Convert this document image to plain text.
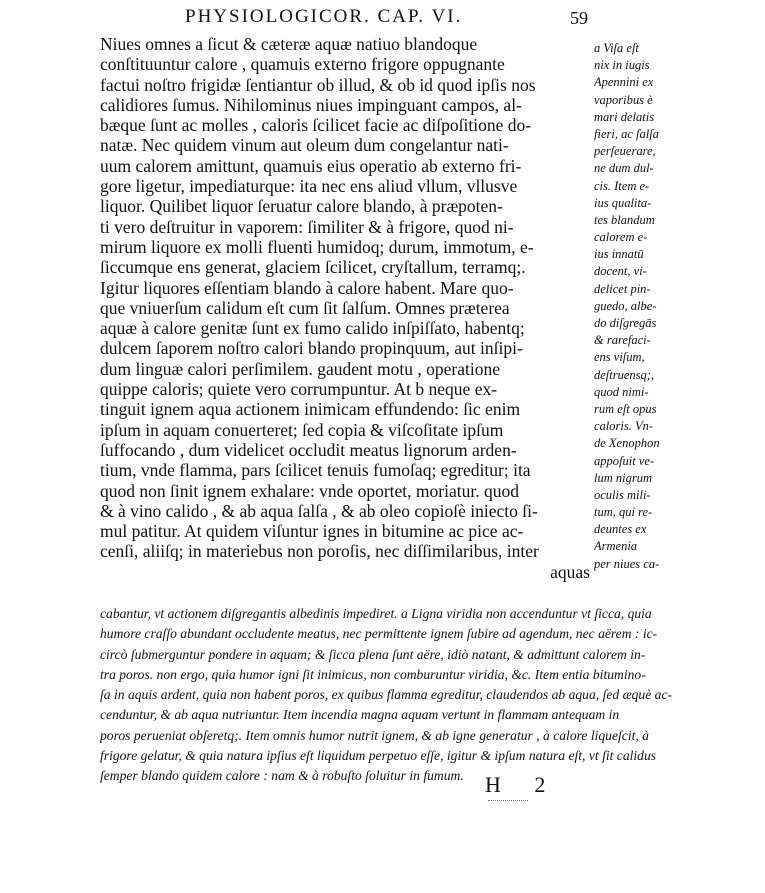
PHYSIOLOGICOR. CAP. VI.	59
Niues omnes a ſicut & cæteræ aquæ natiuo blandoque
conſtituuntur calore , quamuis externo frigore oppugnante
factui noſtro frigidæ ſentiantur ob illud, & ob id quod ipſis nos
calidiores ſumus. Nihilominus niues impinguant campos, al-
bæque ſunt ac molles , caloris ſcilicet facie ac diſpoſitione do-
natæ. Nec quidem vinum aut oleum dum congelantur nati-
uum calorem amittunt, quamuis eius operatio ab externo fri-
gore ligetur, impediaturque: ita nec ens aliud vllum, vllusve
liquor. Quilibet liquor ſeruatur calore blando, à præpoten-
ti vero deſtruitur in vaporem: ſimiliter & à frigore, quod ni-
mirum liquore ex molli fluenti humidoq; durum, immotum, e-
ſiccumque ens generat, glaciem ſcilicet, cryſtallum, terramq;.
Igitur liquores eſſentiam blando à calore habent. Mare quo-
que vniuerſum calidum eſt cum ſit ſalſum. Omnes præterea
aquæ à calore genitæ ſunt ex fumo calido inſpiſſato, habentq;
dulcem ſaporem noſtro calori blando propinquum, aut inſipi-
dum linguæ calori perſimilem. gaudent motu , operatione
quippe caloris; quiete vero corrumpuntur. At b neque ex-
tinguit ignem aqua actionem inimicam effundendo: ſic enim
ipſum in aquam conuerteret; ſed copia & viſcoſitate ipſum
ſuffocando , dum videlicet occludit meatus lignorum arden-
tium, vnde flamma, pars ſcilicet tenuis fumoſaq; egreditur; ita
quod non ſinit ignem exhalare: vnde oportet, moriatur. quod
& à vino calido , & ab aqua ſalſa , & ab oleo copioſè iniecto ſi-
mul patitur. At quidem viſuntur ignes in bitumine ac pice ac-
cenſi, aliiſq; in materiebus non poroſis, nec diſſimilaribus, inter
aquas
a Viſa eſt
nix in iugis
Apennini ex
vaporibus è
mari delatis
fieri, ac ſalſa
perſeuerare,
ne dum dul-
cis. Item e-
ius qualita-
tes blandum
calorem e-
ius innatū
docent, vi-
delicet pin-
guedo, albe-
do diſgregās
& rarefaci-
ens viſum,
deſtruensq;,
quod nimi-
rum eſt opus
caloris. Vn-
de Xenophon
appoſuit ve-
lum nigrum
oculis mili-
tum, qui re-
deuntes ex
Armenia
per niues ca-
cabantur, vt actionem diſgregantis albedinis impediret. a Ligna viridia non accenduntur vt ſicca, quia
humore craſſo abundant occludente meatus, nec permittente ignem ſubire ad agendum, nec aërem : ic-
circò ſubmerguntur pondere in aquam; & ſicca plena ſunt aëre, idiò natant, & admittunt calorem in-
tra poros. non ergo, quia humor igni ſit inimicus, non comburuntur viridia, &c. Item entia bitumino-
ſa in aquis ardent, quia non habent poros, ex quibus flamma egreditur, claudendos ab aqua, ſed æquè ac-
cenduntur, & ab aqua nutriuntur. Item incendia magna aquam vertunt in flammam antequam in
poros perueniat obſeretq;. Item omnis humor nutrit ignem, & ab igne generatur , à calore liqueſcit, à
frigore gelatur, & quia natura ipſius eſt liquidum perpetuo eſſe, igitur & ipſum natura eſt, vt ſit calidus
ſemper blando quidem calore : nam & à robuſto ſoluitur in fumum. H 2
